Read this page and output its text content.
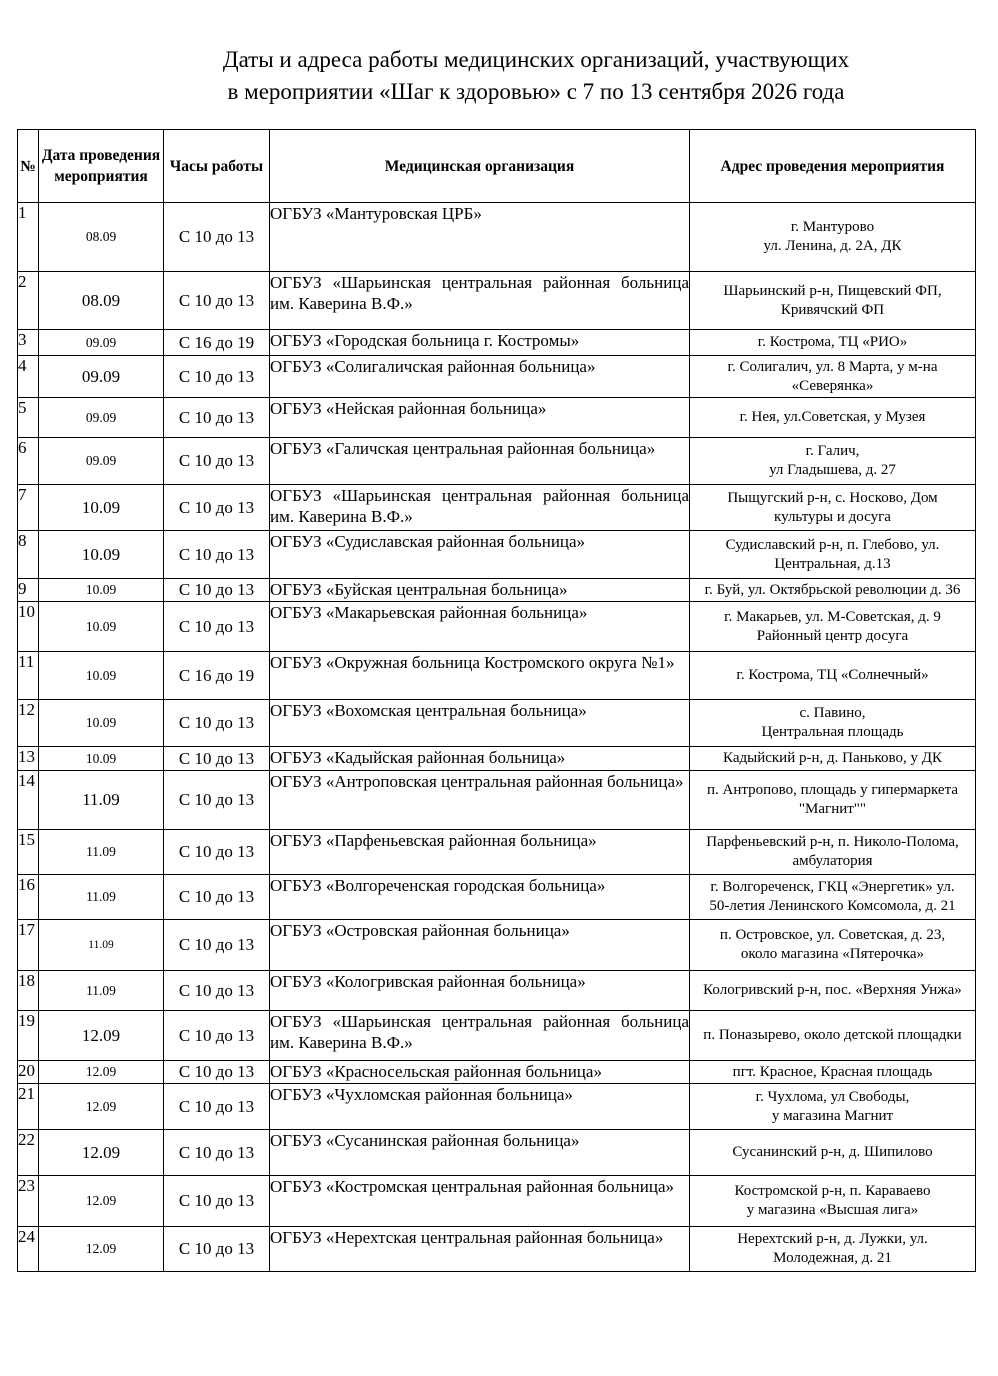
Даты и адреса работы медицинских организаций, участвующих
в мероприятии «Шаг к здоровью» с 7 по 13 сентября 2026 года
№	Дата проведения мероприятия	Часы работы	Медицинская организация	Адрес проведения мероприятия
1	08.09	С 10 до 13	ОГБУЗ «Мантуровская ЦРБ»	г. Мантурово
ул. Ленина, д. 2А, ДК
2	08.09	С 10 до 13	ОГБУЗ «Шарьинская центральная районная больница им. Каверина В.Ф.»	Шарьинский р-н, Пищевский ФП,
Кривячский ФП
3	09.09	С 16 до 19	ОГБУЗ «Городская больница г. Костромы»	г. Кострома, ТЦ «РИО»
4	09.09	С 10 до 13	ОГБУЗ «Солигаличская районная больница»	г. Солигалич, ул. 8 Марта, у м-на
«Северянка»
5	09.09	С 10 до 13	ОГБУЗ «Нейская районная больница»	г. Нея, ул.Советская, у Музея
6	09.09	С 10 до 13	ОГБУЗ «Галичская центральная районная больница»	г. Галич,
ул Гладышева, д. 27
7	10.09	С 10 до 13	ОГБУЗ «Шарьинская центральная районная больница им. Каверина В.Ф.»	Пыщугский р-н, с. Носково, Дом
культуры и досуга
8	10.09	С 10 до 13	ОГБУЗ «Судиславская районная больница»	Судиславский р-н, п. Глебово, ул.
Центральная, д.13
9	10.09	С 10 до 13	ОГБУЗ «Буйская центральная больница»	г. Буй, ул. Октябрьской революции д. 36
10	10.09	С 10 до 13	ОГБУЗ «Макарьевская районная больница»	г. Макарьев, ул. М-Советская, д. 9
Районный центр досуга
11	10.09	С 16 до 19	ОГБУЗ «Окружная больница Костромского округа №1»	г. Кострома, ТЦ «Солнечный»
12	10.09	С 10 до 13	ОГБУЗ «Вохомская центральная больница»	с. Павино,
Центральная площадь
13	10.09	С 10 до 13	ОГБУЗ «Кадыйская районная больница»	Кадыйский р-н, д. Паньково, у ДК
14	11.09	С 10 до 13	ОГБУЗ «Антроповская центральная районная больница»	п. Антропово, площадь у гипермаркета
"Магнит""
15	11.09	С 10 до 13	ОГБУЗ «Парфеньевская районная больница»	Парфеньевский р-н, п. Николо-Полома,
амбулатория
16	11.09	С 10 до 13	ОГБУЗ «Волгореченская городская больница»	г. Волгореченск, ГКЦ «Энергетик» ул.
50-летия Ленинского Комсомола, д. 21
17	11.09	С 10 до 13	ОГБУЗ «Островская районная больница»	п. Островское, ул. Советская, д. 23,
около магазина «Пятерочка»
18	11.09	С 10 до 13	ОГБУЗ «Кологривская районная больница»	Кологривский р-н, пос. «Верхняя Унжа»
19	12.09	С 10 до 13	ОГБУЗ «Шарьинская центральная районная больница им. Каверина В.Ф.»	п. Поназырево, около детской площадки
20	12.09	С 10 до 13	ОГБУЗ «Красносельская районная больница»	пгт. Красное, Красная площадь
21	12.09	С 10 до 13	ОГБУЗ «Чухломская районная больница»	г. Чухлома, ул Свободы,
у магазина Магнит
22	12.09	С 10 до 13	ОГБУЗ «Сусанинская районная больница»	Сусанинский р-н, д. Шипилово
23	12.09	С 10 до 13	ОГБУЗ «Костромская центральная районная больница»	Костромской р-н, п. Караваево
у магазина «Высшая лига»
24	12.09	С 10 до 13	ОГБУЗ «Нерехтская центральная районная больница»	Нерехтский р-н, д. Лужки, ул.
Молодежная, д. 21
